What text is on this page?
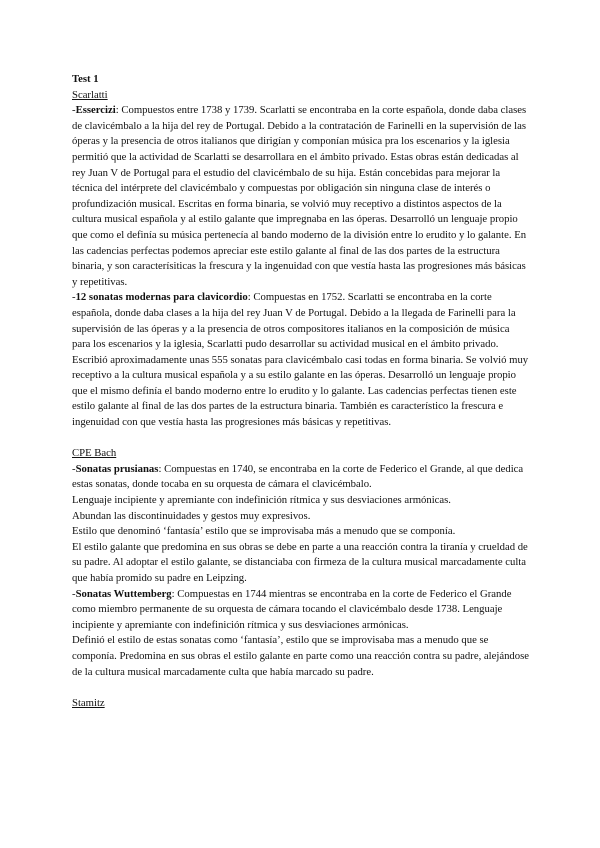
Test 1
Scarlatti

-Essercizi: Compuestos entre 1738 y 1739. Scarlatti se encontraba en la corte española, donde daba clases de clavicémbalo a la hija del rey de Portugal. Debido a la contratación de Farinelli en la supervisión de las óperas y la presencia de otros italianos que dirigían y componían música pra los escenarios y la iglesia permitió que la actividad de Scarlatti se desarrollara en el ámbito privado. Estas obras están dedicadas al rey Juan V de Portugal para el estudio del clavicémbalo de su hija. Están concebidas para mejorar la técnica del intérprete del clavicémbalo y compuestas por obligación sin ninguna clase de interés o profundización musical. Escritas en forma binaria, se volvió muy receptivo a distintos aspectos de la cultura musical española y al estilo galante que impregnaba en las óperas. Desarrolló un lenguaje propio que como el definía su música pertenecía al bando moderno de la división entre lo erudito y lo galante. En las cadencias perfectas podemos apreciar este estilo galante al final de las dos partes de la estructura binaria, y son caracterísiticas la frescura y la ingenuidad con que vestía hasta las progresiones más básicas y repetitivas.

-12 sonatas modernas para clavicordio: Compuestas en 1752. Scarlatti se encontraba en la corte española, donde daba clases a la hija del rey Juan V de Portugal. Debido a la llegada de Farinelli para la supervisión de las óperas y a la presencia de otros compositores italianos en la composición de música para los escenarios y la iglesia, Scarlatti pudo desarrollar su actividad musical en el ámbito privado. Escribió aproximadamente unas 555 sonatas para clavicémbalo casi todas en forma binaria. Se volvió muy receptivo a la cultura musical española y a su estilo galante en las óperas. Desarrolló un lenguaje propio que el mismo definía el bando moderno entre lo erudito y lo galante. Las cadencias perfectas tienen este estilo galante al final de las dos partes de la estructura binaria. También es característico la frescura e ingenuidad con que vestía hasta las progresiones más básicas y repetitivas.

CPE Bach

-Sonatas prusianas: Compuestas en 1740, se encontraba en la corte de Federico el Grande, al que dedica estas sonatas, donde tocaba en su orquesta de cámara el clavicémbalo.

Lenguaje incipiente y apremiante con indefinición rítmica y sus desviaciones armónicas.

Abundan las discontinuidades y gestos muy expresivos.

Estilo que denominó ‘fantasía’ estilo que se improvisaba más a menudo que se componía.

El estilo galante que predomina en sus obras se debe en parte a una reacción contra la tiranía y crueldad de su padre. Al adoptar el estilo galante, se distanciaba con firmeza de la cultura musical marcadamente culta que había promido su padre en Leipzing.

-Sonatas Wuttemberg: Compuestas en 1744 mientras se encontraba en la corte de Federico el Grande como miembro permanente de su orquesta de cámara tocando el clavicémbalo desde 1738. Lenguaje incipiente y apremiante con indefinición rítmica y sus desviaciones armónicas.

Definió el estilo de estas sonatas como ‘fantasía’, estilo que se improvisaba mas a menudo que se componía. Predomina en sus obras el estilo galante en parte como una reacción contra su padre, alejándose de la cultura musical marcadamente culta que había marcado su padre.

Stamitz
